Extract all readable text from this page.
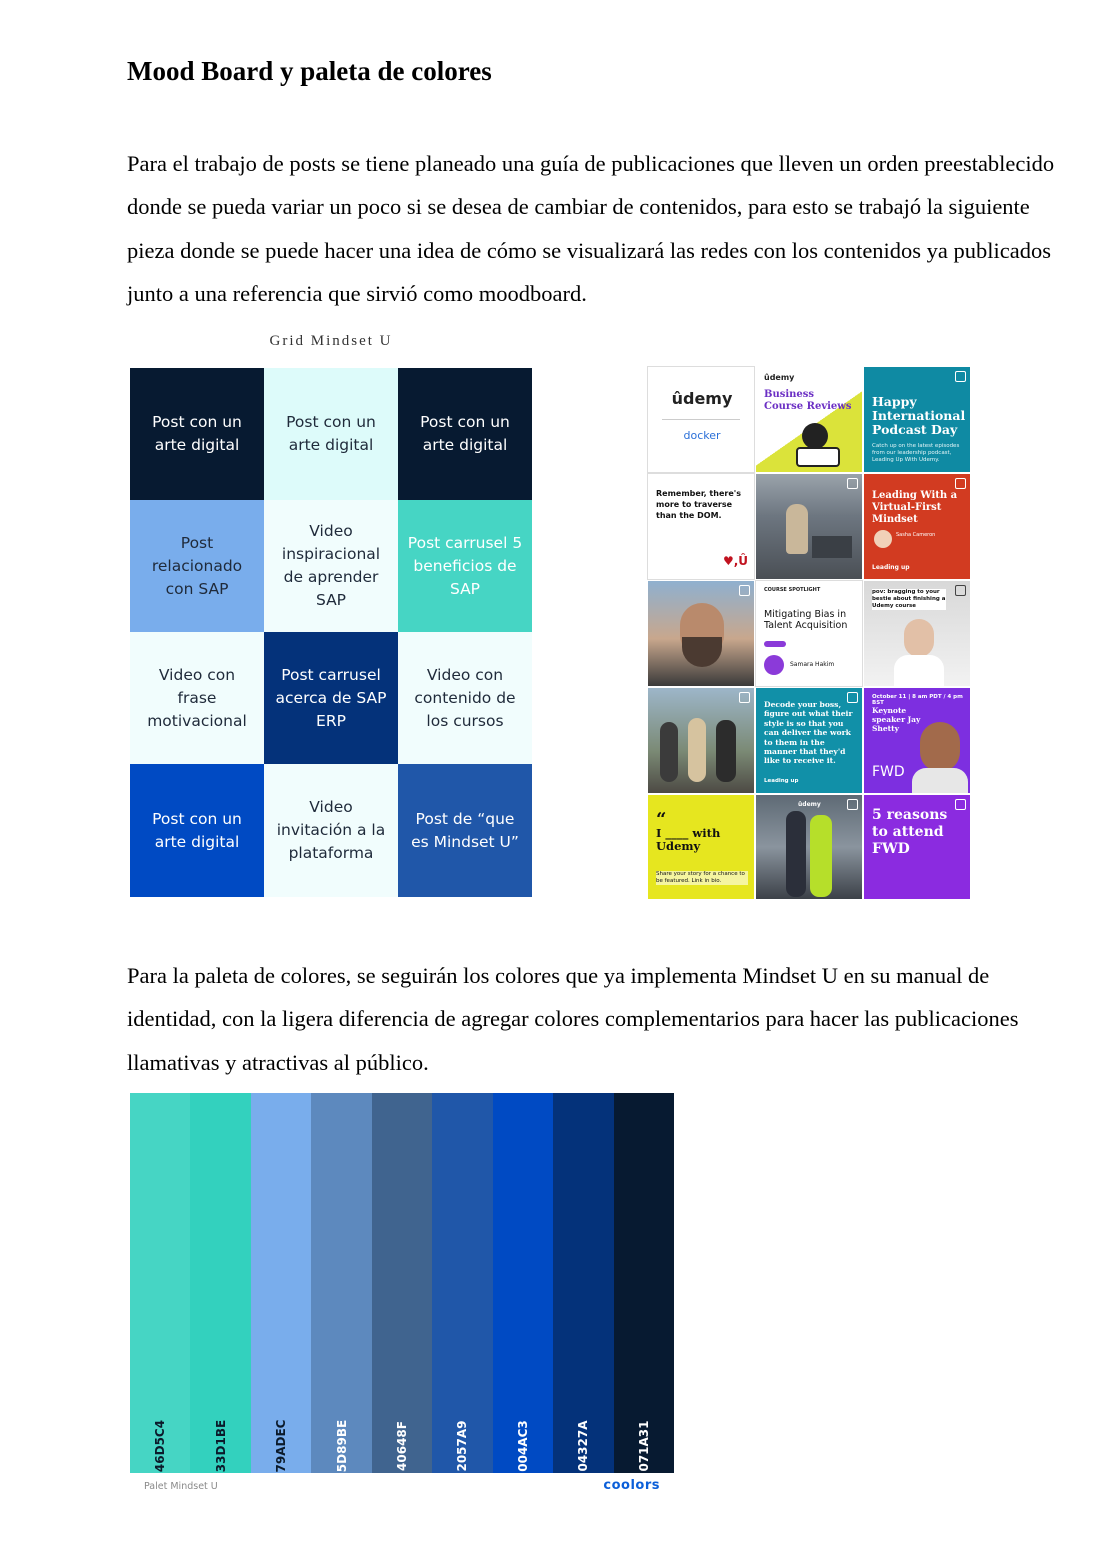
Mood Board y paleta de colores

Para el trabajo de posts se tiene planeado una guía de publicaciones que lleven un orden preestablecido donde se pueda variar un poco si se desea de cambiar de contenidos, para esto se trabajó la siguiente pieza donde se puede hacer una idea de cómo se visualizará las redes con los contenidos ya publicados junto a una referencia que sirvió como moodboard.

Grid Mindset U
Post con un arte digital
Post con un arte digital
Post con un arte digital
Post relacionado con SAP
Video inspiracional de aprender SAP
Post carrusel 5 beneficios de SAP
Video con frase motivacional
Post carrusel acerca de SAP ERP
Video con contenido de los cursos
Post con un arte digital
Video invitación a la plataforma
Post de “que es Mindset U”
ûdemy
docker
ûdemy
Business Course Reviews	Happy International Podcast Day
Catch up on the latest episodes from our leadership podcast, Leading Up With Udemy.
Remember, there's more to traverse than the DOM.
♥,Û
Leading With a Virtual-First Mindset
Sasha Cameron
Leading up
COURSE SPOTLIGHT
Mitigating Bias in Talent Acquisition
Samara Hakim
pov: bragging to your bestie about finishing a Udemy course
Decode your boss, figure out what their style is so that you can deliver the work to them in the manner that they'd like to receive it.
Leading up
October 11 | 8 am PDT / 4 pm BST
Keynote speaker Jay Shetty
FWD
“
I ____ with Udemy
Share your story for a chance to be featured. Link in bio.
ûdemy
5 reasons to attend FWD

Para la paleta de colores, se seguirán los colores que ya implementa Mindset U en su manual de identidad, con la ligera diferencia de agregar colores complementarios para hacer las publicaciones llamativas y atractivas al público.

46D5C4	33D1BE	79ADEC	5D89BE	40648F	2057A9	004AC3	04327A	071A31
Palet Mindset U	coolors
